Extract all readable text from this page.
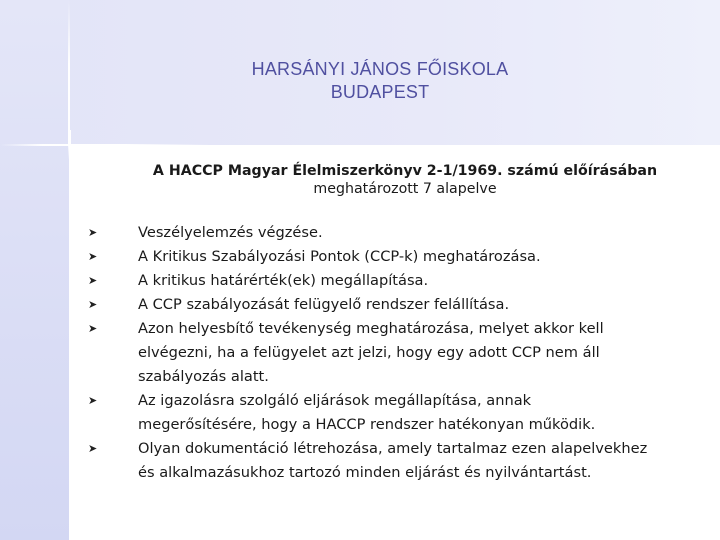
HARSÁNYI JÁNOS FŐISKOLA
BUDAPEST
A HACCP Magyar Élelmiszerkönyv 2-1/1969. számú előírásában
meghatározott 7 alapelve
➤	Veszélyelemzés végzése.
➤	A Kritikus Szabályozási Pontok (CCP-k) meghatározása.
➤	A kritikus határérték(ek) megállapítása.
➤	A CCP szabályozását felügyelő rendszer felállítása.
➤	Azon helyesbítő tevékenység meghatározása, melyet akkor kell elvégezni, ha a felügyelet azt jelzi, hogy egy adott CCP nem áll szabályozás alatt.
➤	Az igazolásra szolgáló eljárások megállapítása, annak megerősítésére, hogy a HACCP rendszer hatékonyan működik.
➤	Olyan dokumentáció létrehozása, amely tartalmaz ezen alapelvekhez és alkalmazásukhoz tartozó minden eljárást és nyilvántartást.
